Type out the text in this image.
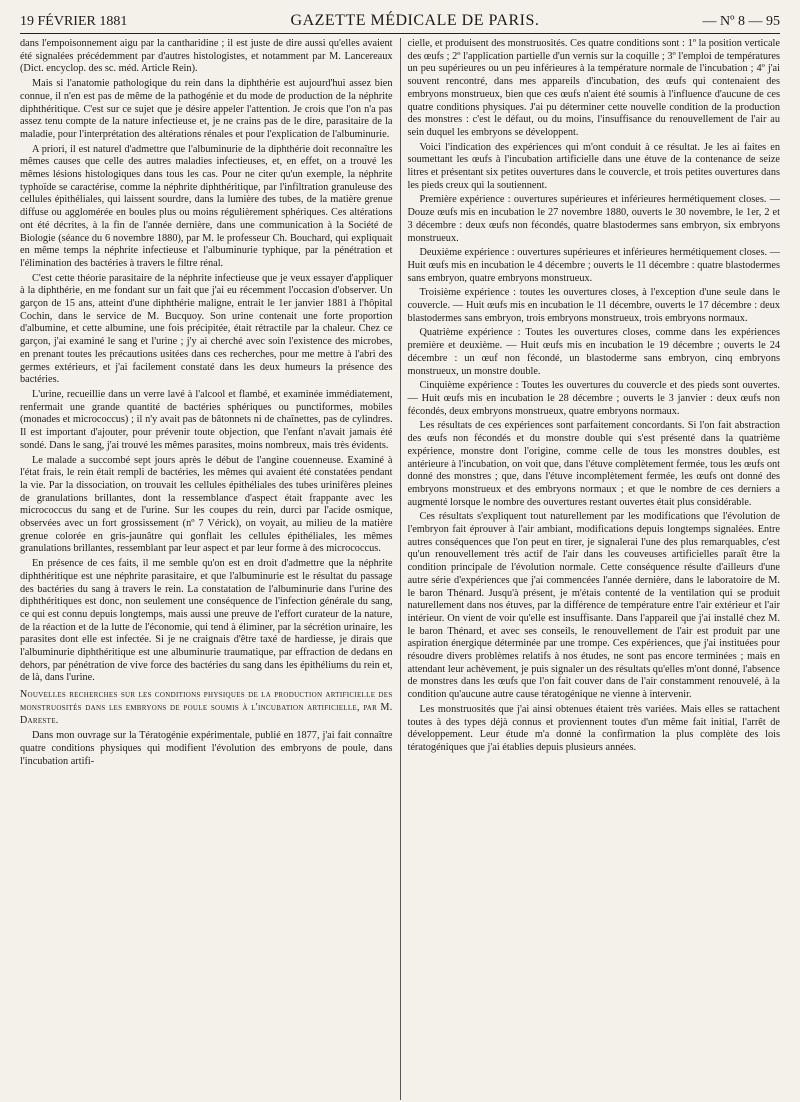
19 FÉVRIER 1881	GAZETTE MÉDICALE DE PARIS.	— Nº 8 — 95

dans l'empoisonnement aigu par la cantharidine ; il est juste de dire aussi qu'elles avaient été signalées précédemment par d'autres histologistes, et notamment par M. Lancereaux (Dict. encyclop. des sc. méd. Article Rein).

Mais si l'anatomie pathologique du rein dans la diphthérie est aujourd'hui assez bien connue, il n'en est pas de même de la pathogénie et du mode de production de la néphrite diphthéritique. C'est sur ce sujet que je désire appeler l'attention. Je crois que l'on n'a pas assez tenu compte de la nature infectieuse et, je ne crains pas de le dire, parasitaire de la maladie, pour l'interprétation des altérations rénales et pour l'explication de l'albuminurie.

A priori, il est naturel d'admettre que l'albuminurie de la diphthérie doit reconnaître les mêmes causes que celle des autres maladies infectieuses, et, en effet, on a trouvé les mêmes lésions histologiques dans tous les cas. Pour ne citer qu'un exemple, la néphrite typhoïde se caractérise, comme la néphrite diphthéritique, par l'infiltration granuleuse des cellules épithéliales, qui laissent sourdre, dans la lumière des tubes, de la matière grenue diffuse ou agglomérée en boules plus ou moins régulièrement sphériques. Ces altérations ont été décrites, à la fin de l'année dernière, dans une communication à la Société de Biologie (séance du 6 novembre 1880), par M. le professeur Ch. Bouchard, qui expliquait en même temps la néphrite infectieuse et l'albuminurie typhique, par la pénétration et l'élimination des bactéries à travers le filtre rénal.

C'est cette théorie parasitaire de la néphrite infectieuse que je veux essayer d'appliquer à la diphthérie, en me fondant sur un fait que j'ai eu récemment l'occasion d'observer. Un garçon de 15 ans, atteint d'une diphthérie maligne, entrait le 1er janvier 1881 à l'hôpital Cochin, dans le service de M. Bucquoy. Son urine contenait une forte proportion d'albumine, et cette albumine, une fois précipitée, était rétractile par la chaleur. Chez ce garçon, j'ai examiné le sang et l'urine ; j'y ai cherché avec soin l'existence des microbes, en prenant toutes les précautions usitées dans ces recherches, pour me mettre à l'abri des germes extérieurs, et j'ai facilement constaté dans les deux humeurs la présence des bactéries.

L'urine, recueillie dans un verre lavé à l'alcool et flambé, et examinée immédiatement, renfermait une grande quantité de bactéries sphériques ou punctiformes, mobiles (monades et micrococcus) ; il n'y avait pas de bâtonnets ni de chaînettes, pas de cylindres. Il est important d'ajouter, pour prévenir toute objection, que l'enfant n'avait jamais été sondé. Dans le sang, j'ai trouvé les mêmes parasites, moins nombreux, mais très évidents.

Le malade a succombé sept jours après le début de l'angine couenneuse. Examiné à l'état frais, le rein était rempli de bactéries, les mêmes qui avaient été constatées pendant la vie. Par la dissociation, on trouvait les cellules épithéliales des tubes urinifères pleines de granulations brillantes, dont la ressemblance d'aspect était frappante avec les micrococcus du sang et de l'urine. Sur les coupes du rein, durci par l'acide osmique, observées avec un fort grossissement (nº 7 Vérick), on voyait, au milieu de la matière grenue colorée en gris-jaunâtre qui gonflait les cellules épithéliales, les mêmes granulations brillantes, ressemblant par leur aspect et par leur forme à des micrococcus.

En présence de ces faits, il me semble qu'on est en droit d'admettre que la néphrite diphthéritique est une néphrite parasitaire, et que l'albuminurie est le résultat du passage des bactéries du sang à travers le rein. La constatation de l'albuminurie dans l'urine des diphthéritiques est donc, non seulement une conséquence de l'infection générale du sang, ce qui est connu depuis longtemps, mais aussi une preuve de l'effort curateur de la nature, de la réaction et de la lutte de l'économie, qui tend à éliminer, par la sécrétion urinaire, les parasites dont elle est infectée. Si je ne craignais d'être taxé de hardiesse, je dirais que l'albuminurie diphthéritique est une albuminurie traumatique, par effraction de dedans en dehors, par pénétration de vive force des bactéries du sang dans les épithéliums du rein et, de là, dans l'urine.

Nouvelles recherches sur les conditions physiques de la production artificielle des monstruosités dans les embryons de poule soumis à l'incubation artificielle, par M. Dareste.

Dans mon ouvrage sur la Tératogénie expérimentale, publié en 1877, j'ai fait connaître quatre conditions physiques qui modifient l'évolution des embryons de poule, dans l'incubation artifi-

cielle, et produisent des monstruosités. Ces quatre conditions sont : 1º la position verticale des œufs ; 2º l'application partielle d'un vernis sur la coquille ; 3º l'emploi de températures un peu supérieures ou un peu inférieures à la température normale de l'incubation ; 4º j'ai souvent rencontré, dans mes appareils d'incubation, des œufs qui contenaient des embryons monstrueux, bien que ces œufs n'aient été soumis à l'influence d'aucune de ces quatre conditions physiques. J'ai pu déterminer cette nouvelle condition de la production des monstres : c'est le défaut, ou du moins, l'insuffisance du renouvellement de l'air au sein duquel les embryons se développent.

Voici l'indication des expériences qui m'ont conduit à ce résultat. Je les ai faites en soumettant les œufs à l'incubation artificielle dans une étuve de la contenance de seize litres et présentant six petites ouvertures dans le couvercle, et trois petites ouvertures dans les pieds creux qui la soutiennent.

Première expérience : ouvertures supérieures et inférieures hermétiquement closes. — Douze œufs mis en incubation le 27 novembre 1880, ouverts le 30 novembre, le 1er, 2 et 3 décembre : deux œufs non fécondés, quatre blastodermes sans embryon, six embryons monstrueux.

Deuxième expérience : ouvertures supérieures et inférieures hermétiquement closes. — Huit œufs mis en incubation le 4 décembre ; ouverts le 11 décembre : quatre blastodermes sans embryon, quatre embryons monstrueux.

Troisième expérience : toutes les ouvertures closes, à l'exception d'une seule dans le couvercle. — Huit œufs mis en incubation le 11 décembre, ouverts le 17 décembre : deux blastodermes sans embryon, trois embryons monstrueux, trois embryons normaux.

Quatrième expérience : Toutes les ouvertures closes, comme dans les expériences première et deuxième. — Huit œufs mis en incubation le 19 décembre ; ouverts le 24 décembre : un œuf non fécondé, un blastoderme sans embryon, cinq embryons monstrueux, un monstre double.

Cinquième expérience : Toutes les ouvertures du couvercle et des pieds sont ouvertes. — Huit œufs mis en incubation le 28 décembre ; ouverts le 3 janvier : deux œufs non fécondés, deux embryons monstrueux, quatre embryons normaux.

Les résultats de ces expériences sont parfaitement concordants. Si l'on fait abstraction des œufs non fécondés et du monstre double qui s'est présenté dans la quatrième expérience, monstre dont l'origine, comme celle de tous les monstres doubles, est antérieure à l'incubation, on voit que, dans l'étuve complètement fermée, tous les œufs ont donné des monstres ; que, dans l'étuve incomplètement fermée, les œufs ont donné des embryons monstrueux et des embryons normaux ; et que le nombre de ces derniers a augmenté lorsque le nombre des ouvertures restant ouvertes était plus considérable.

Ces résultats s'expliquent tout naturellement par les modifications que l'évolution de l'embryon fait éprouver à l'air ambiant, modifications depuis longtemps signalées. Entre autres conséquences que l'on peut en tirer, je signalerai l'une des plus remarquables, c'est qu'un renouvellement très actif de l'air dans les couveuses artificielles paraît être la condition principale de l'évolution normale. Cette conséquence résulte d'ailleurs d'une autre série d'expériences que j'ai commencées l'année dernière, dans le laboratoire de M. le baron Thénard. Jusqu'à présent, je m'étais contenté de la ventilation qui se produit naturellement dans nos étuves, par la différence de température entre l'air extérieur et l'air intérieur. On vient de voir qu'elle est insuffisante. Dans l'appareil que j'ai installé chez M. le baron Thénard, et avec ses conseils, le renouvellement de l'air est produit par une aspiration énergique déterminée par une trompe. Ces expériences, que j'ai instituées pour résoudre divers problèmes relatifs à nos études, ne sont pas encore terminées ; mais en attendant leur achèvement, je puis signaler un des résultats qu'elles m'ont donné, l'absence de monstres dans les œufs que l'on fait couver dans de l'air constamment renouvelé, à la condition qu'aucune autre cause tératogénique ne vienne à intervenir.

Les monstruosités que j'ai ainsi obtenues étaient très variées. Mais elles se rattachent toutes à des types déjà connus et proviennent toutes d'un même fait initial, l'arrêt de développement. Leur étude m'a donné la confirmation la plus complète des lois tératogéniques que j'ai établies depuis plusieurs années.
